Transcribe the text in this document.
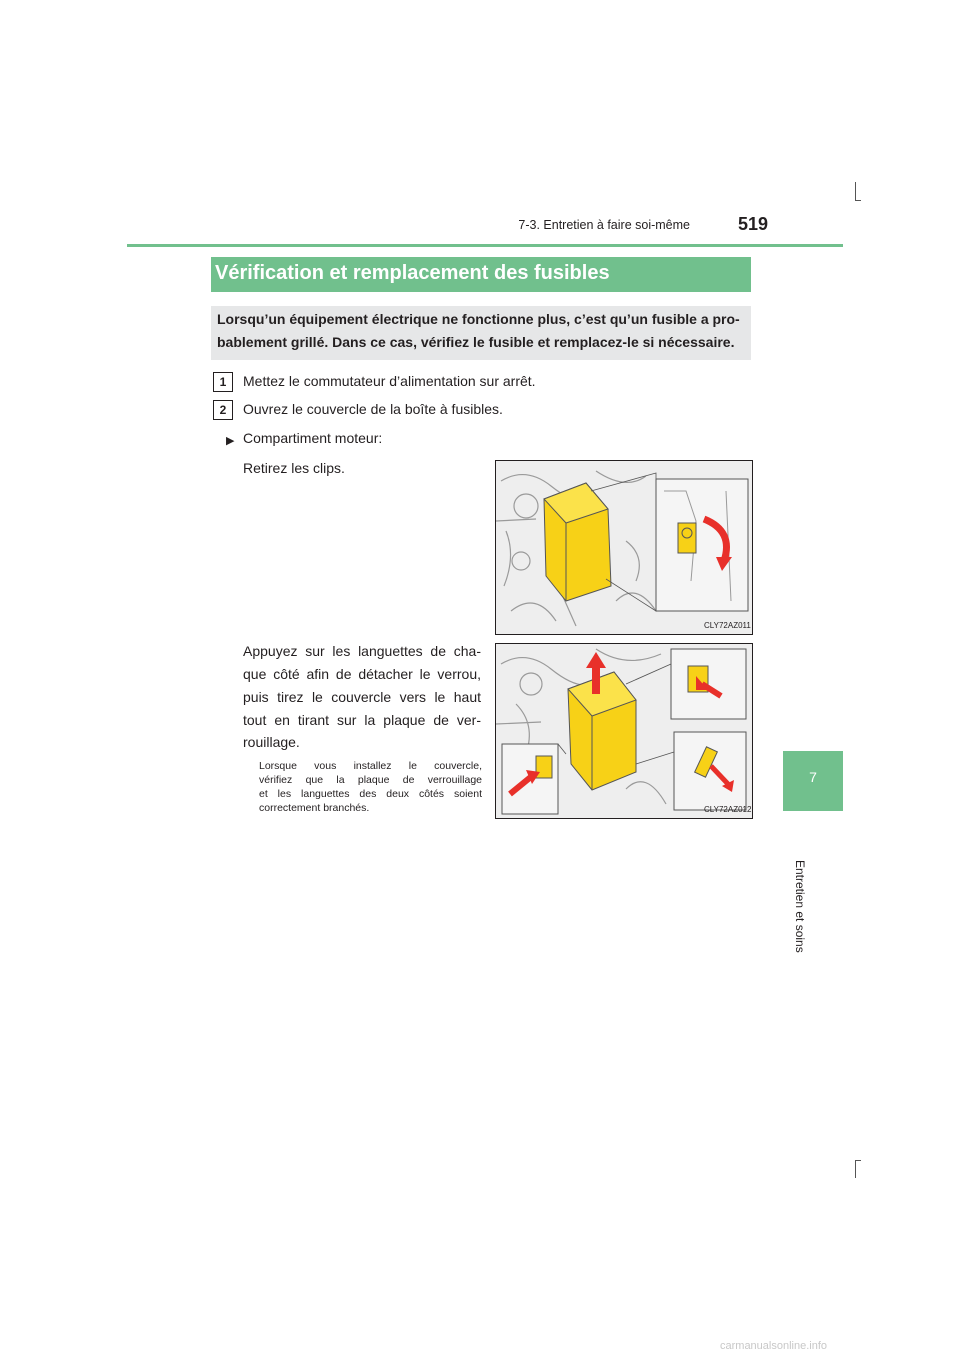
7-3. Entretien à faire soi-même	519
7
Entretien et soins
Vérification et remplacement des fusibles
Lorsqu’un équipement électrique ne fonctionne plus, c’est qu’un fusible a pro-
bablement grillé. Dans ce cas, vérifiez le fusible et remplacez-le si nécessaire.
1	Mettez le commutateur d’alimentation sur arrêt.
2	Ouvrez le couvercle de la boîte à fusibles.
▶ Compartiment moteur:
Retirez les clips.
Appuyez sur les languettes de cha-
que côté afin de détacher le verrou,
puis tirez le couvercle vers le haut
tout en tirant sur la plaque de ver-
rouillage.
Lorsque vous installez le couvercle,
vérifiez que la plaque de verrouillage
et les languettes des deux côtés soient
correctement branchés.
CLY72AZ011
CLY72AZ012
carmanualsonline.info
